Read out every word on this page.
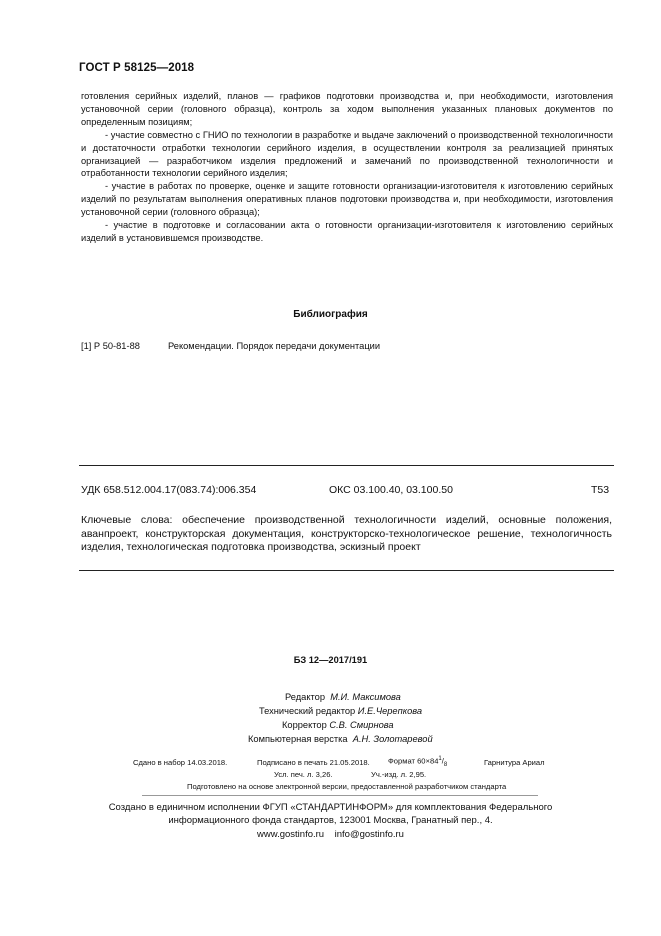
ГОСТ Р 58125—2018

готовления серийных изделий, планов — графиков подготовки производства и, при необходимости, изготовления установочной серии (головного образца), контроль за ходом выполнения указанных плановых документов по определенным позициям;

- участие совместно с ГНИО по технологии в разработке и выдаче заключений о производственной технологичности и достаточности отработки технологии серийного изделия, в осуществлении контроля за реализацией принятых организацией — разработчиком изделия предложений и замечаний по производственной технологичности и отработанности технологии серийного изделия;

- участие в работах по проверке, оценке и защите готовности организации-изготовителя к изготовлению серийных изделий по результатам выполнения оперативных планов подготовки производства и, при необходимости, изготовления установочной серии (головного образца);

- участие в подготовке и согласовании акта о готовности организации-изготовителя к изготовлению серийных изделий в установившемся производстве.

Библиография
[1] Р 50-81-88	Рекомендации. Порядок передачи документации
УДК 658.512.004.17(083.74):006.354	ОКС 03.100.40, 03.100.50	Т53
Ключевые слова: обеспечение производственной технологичности изделий, основные положения, аванпроект, конструкторская документация, конструкторско-технологическое решение, технологичность изделия, технологическая подготовка производства, эскизный проект
БЗ 12—2017/191
Редактор М.И. Максимова
Технический редактор И.Е.Черепкова
Корректор С.В. Смирнова
Компьютерная верстка А.Н. Золотаревой
Сдано в набор 14.03.2018.	Подписано в печать 21.05.2018. Формат $60\times 84^1/_8$	Гарнитура Ариал
Усл. печ. л. 3,26.	Уч.-изд. л. 2,95.
Подготовлено на основе электронной версии, предоставленной разработчиком стандарта
Создано в единичном исполнении ФГУП «СТАНДАРТИНФОРМ» для комплектования Федерального
информационного фонда стандартов, 123001 Москва, Гранатный пер., 4.
www.gostinfo.ru info@gostinfo.ru
